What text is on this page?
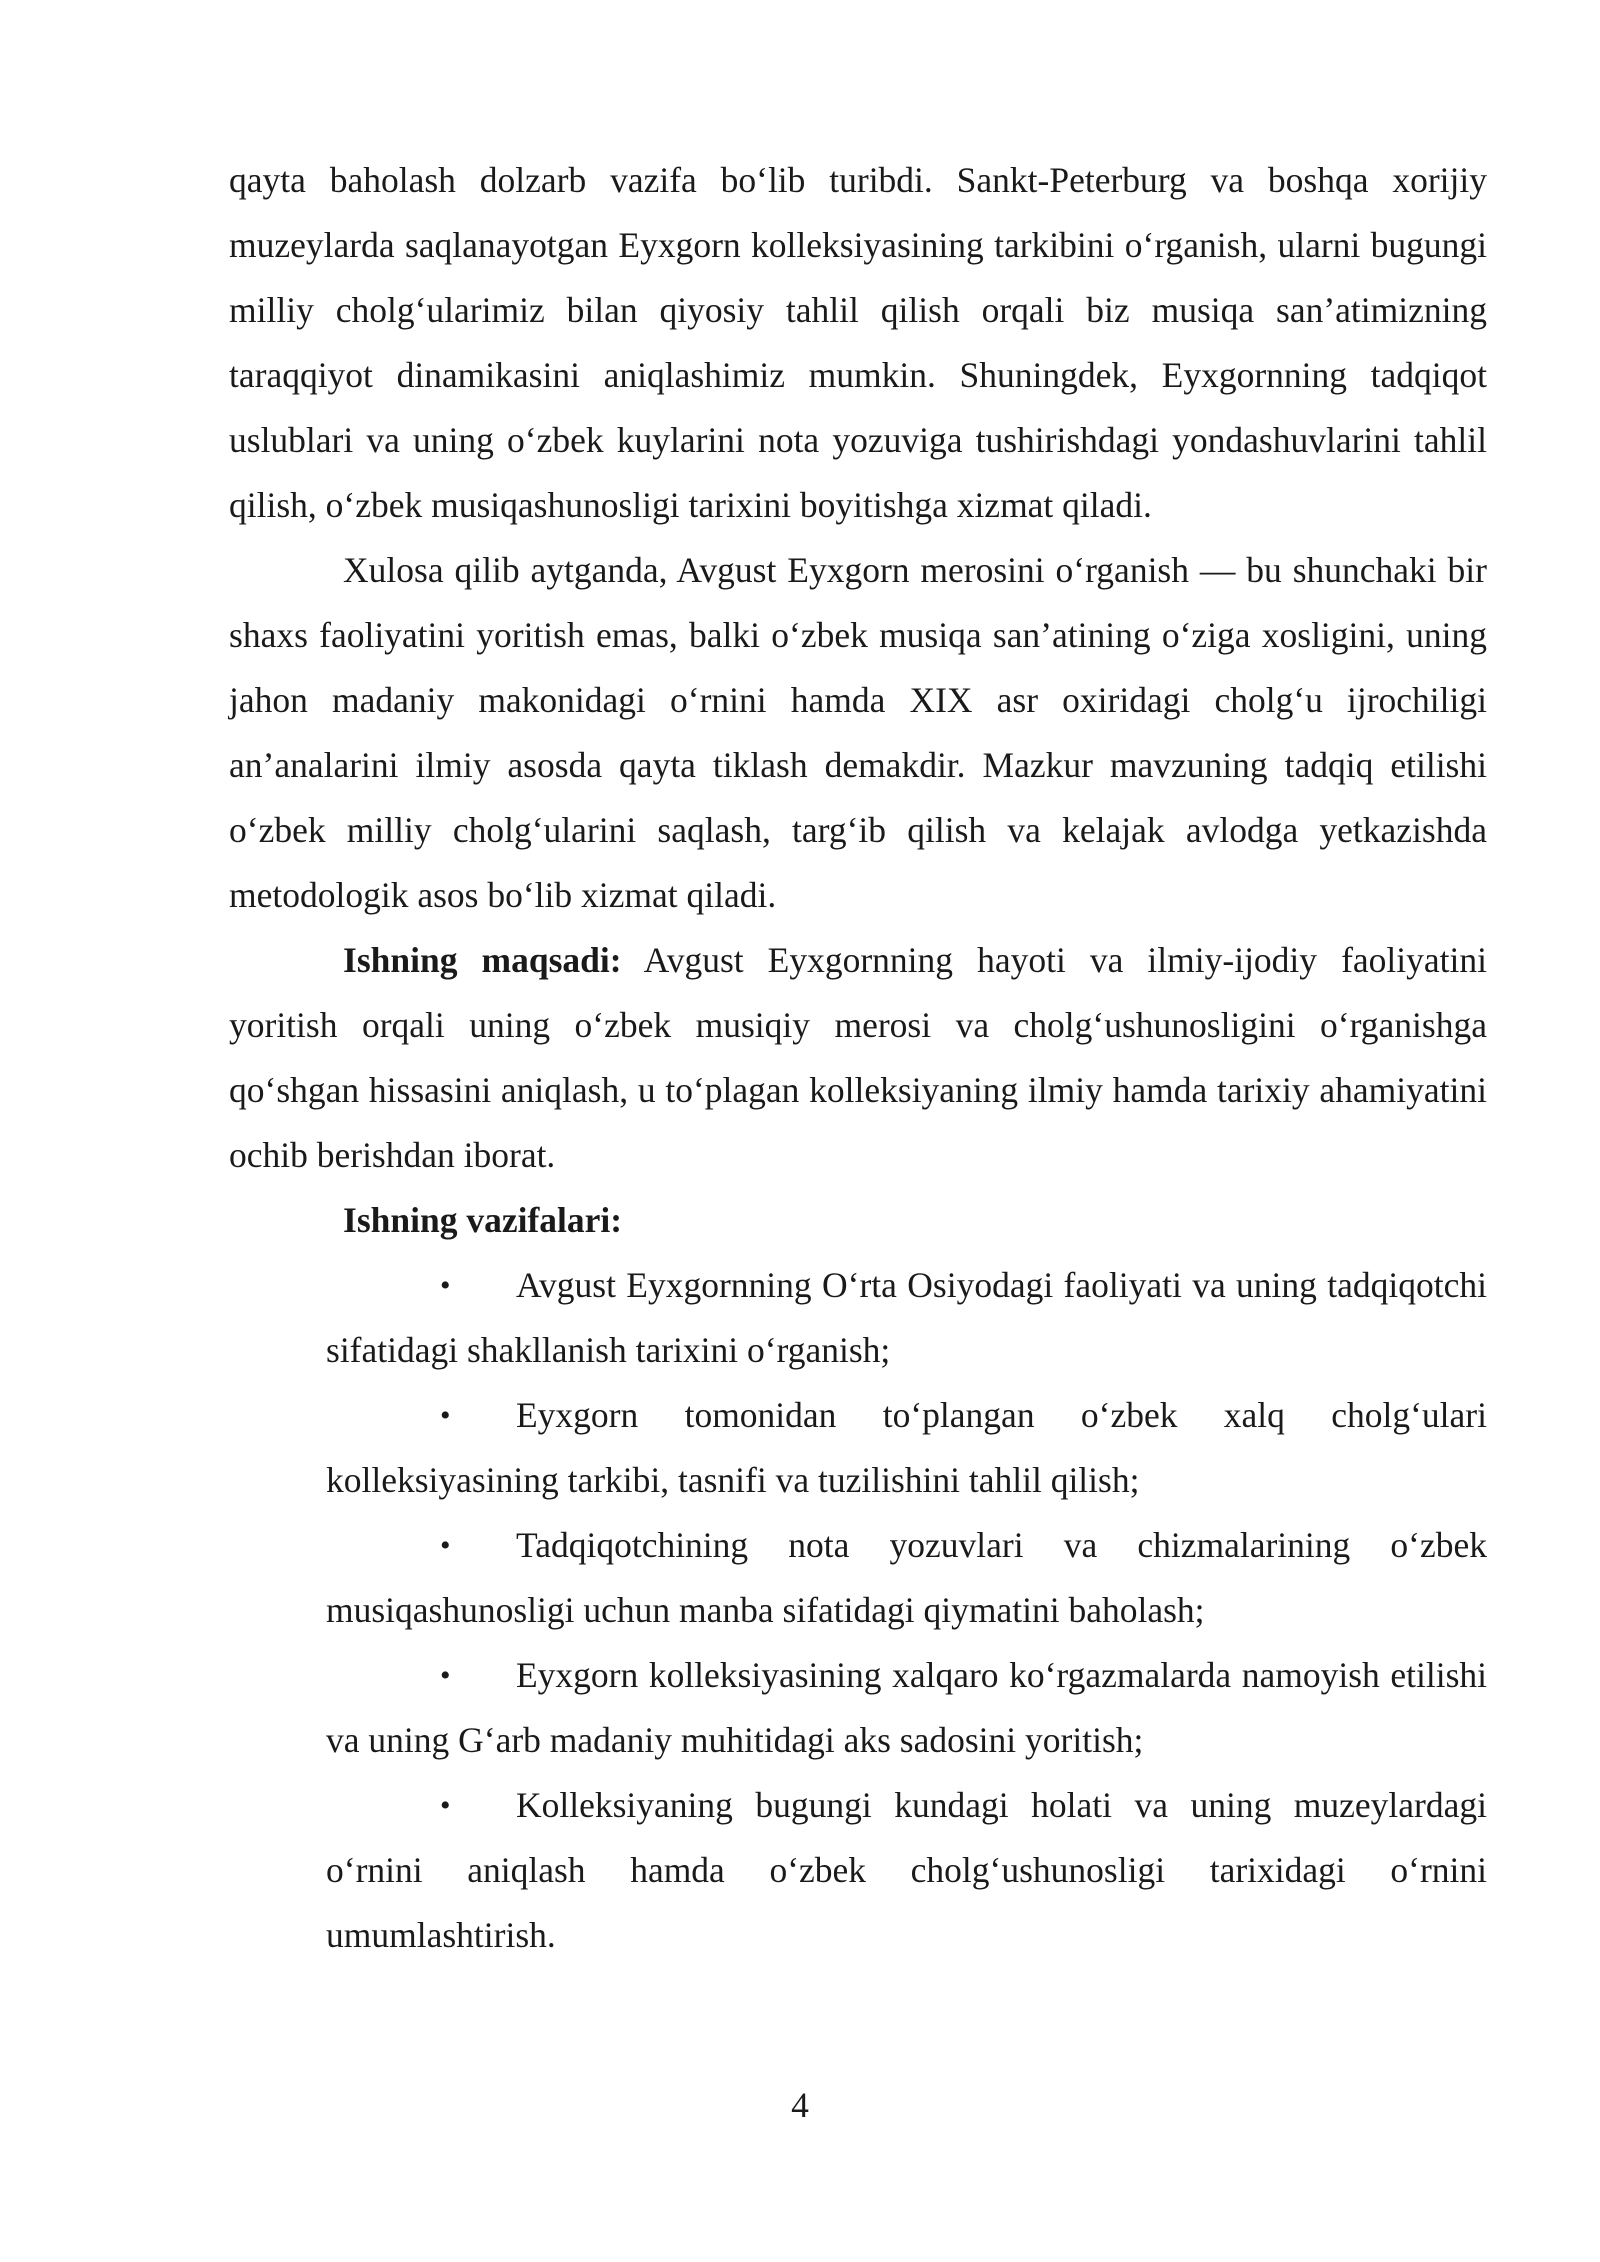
qayta baholash dolzarb vazifa bo‘lib turibdi. Sankt-Peterburg va boshqa xorijiy muzeylarda saqlanayotgan Eyxgorn kolleksiyasining tarkibini o‘rganish, ularni bugungi milliy cholg‘ularimiz bilan qiyosiy tahlil qilish orqali biz musiqa san’atimizning taraqqiyot dinamikasini aniqlashimiz mumkin. Shuningdek, Eyxgornning tadqiqot uslublari va uning o‘zbek kuylarini nota yozuviga tushirishdagi yondashuvlarini tahlil qilish, o‘zbek musiqashunosligi tarixini boyitishga xizmat qiladi.

Xulosa qilib aytganda, Avgust Eyxgorn merosini o‘rganish — bu shunchaki bir shaxs faoliyatini yoritish emas, balki o‘zbek musiqa san’atining o‘ziga xosligini, uning jahon madaniy makonidagi o‘rnini hamda XIX asr oxiridagi cholg‘u ijrochiligi an’analarini ilmiy asosda qayta tiklash demakdir. Mazkur mavzuning tadqiq etilishi o‘zbek milliy cholg‘ularini saqlash, targ‘ib qilish va kelajak avlodga yetkazishda metodologik asos bo‘lib xizmat qiladi.

Ishning maqsadi: Avgust Eyxgornning hayoti va ilmiy-ijodiy faoliyatini yoritish orqali uning o‘zbek musiqiy merosi va cholg‘ushunosligini o‘rganishga qo‘shgan hissasini aniqlash, u to‘plagan kolleksiyaning ilmiy hamda tarixiy ahamiyatini ochib berishdan iborat.

Ishning vazifalari:

• Avgust Eyxgornning O‘rta Osiyodagi faoliyati va uning tadqiqotchi sifatidagi shakllanish tarixini o‘rganish;
• Eyxgorn tomonidan to‘plangan o‘zbek xalq cholg‘ulari kolleksiyasining tarkibi, tasnifi va tuzilishini tahlil qilish;
• Tadqiqotchining nota yozuvlari va chizmalarining o‘zbek musiqashunosligi uchun manba sifatidagi qiymatini baholash;
• Eyxgorn kolleksiyasining xalqaro ko‘rgazmalarda namoyish etilishi va uning G‘arb madaniy muhitidagi aks sadosini yoritish;
• Kolleksiyaning bugungi kundagi holati va uning muzeylardagi o‘rnini aniqlash hamda o‘zbek cholg‘ushunosligi tarixidagi o‘rnini umumlashtirish.
4
